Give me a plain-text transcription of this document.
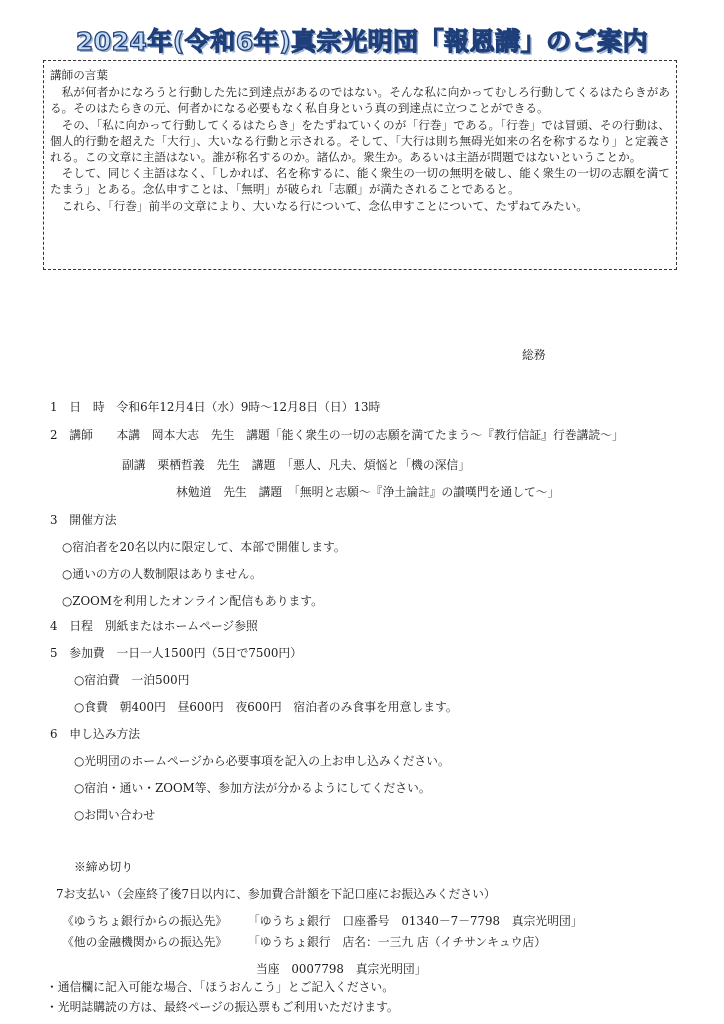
2024年(令和6年)真宗光明団「報恩講」のご案内
講師の言葉

私が何者かになろうと行動した先に到達点があるのではない。そんな私に向かってむしろ行動してくるはたらきがある。そのはたらきの元、何者かになる必要もなく私自身という真の到達点に立つことができる。

その、「私に向かって行動してくるはたらき」をたずねていくのが「行巻」である。「行巻」では冒頭、その行動は、個人的行動を超えた「大行」、大いなる行動と示される。そして、「大行は則ち無碍光如来の名を称するなり」と定義される。この文章に主語はない。誰が称名するのか。諸仏か。衆生か。あるいは主語が問題ではないということか。

そして、同じく主語はなく、「しかれば、名を称するに、能く衆生の一切の無明を破し、能く衆生の一切の志願を満てたまう」とある。念仏申すことは、「無明」が破られ「志願」が満たされることであると。

これら、「行巻」前半の文章により、大いなる行について、念仏申すことについて、たずねてみたい。

総務
1　日　時　令和6年12月4日（水）9時～12月8日（日）13時
2　講師　　本講　岡本大志　先生　講題「能く衆生の一切の志願を満てたまう～『教行信証』行巻講読～」
副講　栗栖哲義　先生　講題　「悪人、凡夫、煩悩と「機の深信」
林勉道　先生　講題　「無明と志願～『浄土論註』の讃嘆門を通して～」
3　開催方法
○宿泊者を20名以内に限定して、本部で開催します。
○通いの方の人数制限はありません。
○ZOOMを利用したオンライン配信もあります。
4　日程　別紙またはホームページ参照
5　参加費　一日一人1500円（5日で7500円）
○宿泊費　一泊500円
○食費　朝400円　昼600円　夜600円　宿泊者のみ食事を用意します。
6　申し込み方法
○光明団のホームページから必要事項を記入の上お申し込みください。
○宿泊・通い・ZOOM等、参加方法が分かるようにしてください。
○お問い合わせ
※締め切り
7お支払い（会座終了後7日以内に、参加費合計額を下記口座にお振込みください）
《ゆうちょ銀行からの振込先》 「ゆうちょ銀行　口座番号　01340－7－7798　真宗光明団」
《他の金融機関からの振込先》 「ゆうちょ銀行　店名：一三九 店（イチサンキュウ店）
当座　0007798　真宗光明団」
・通信欄に記入可能な場合、「ほうおんこう」とご記入ください。
・光明誌購読の方は、最終ページの振込票もご利用いただけます。
